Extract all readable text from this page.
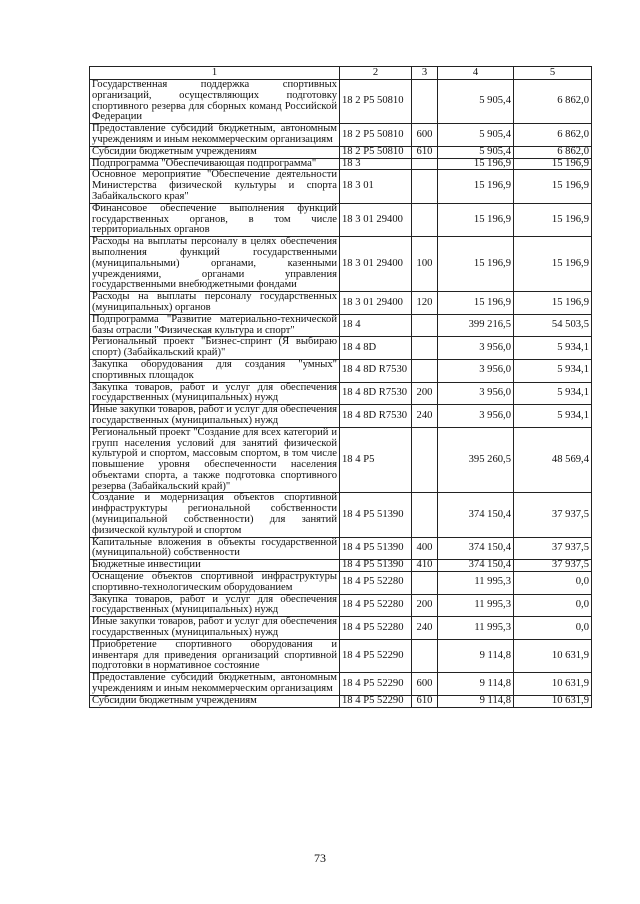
1	2	3	4	5
Государственная поддержка спортивных организаций, осуществляющих подготовку спортивного резерва для сборных команд Российской Федерации	18 2 P5 50810		5 905,4	6 862,0
Предоставление субсидий бюджетным, автономным учреждениям и иным некоммерческим организациям	18 2 P5 50810	600	5 905,4	6 862,0
Субсидии бюджетным учреждениям	18 2 P5 50810	610	5 905,4	6 862,0
Подпрограмма "Обеспечивающая подпрограмма"	18 3		15 196,9	15 196,9
Основное мероприятие "Обеспечение деятельности Министерства физической культуры и спорта Забайкальского края"	18 3 01		15 196,9	15 196,9
Финансовое обеспечение выполнения функций государственных органов, в том числе территориальных органов	18 3 01 29400		15 196,9	15 196,9
Расходы на выплаты персоналу в целях обеспечения выполнения функций государственными (муниципальными) органами, казенными учреждениями, органами управления государственными внебюджетными фондами	18 3 01 29400	100	15 196,9	15 196,9
Расходы на выплаты персоналу государственных (муниципальных) органов	18 3 01 29400	120	15 196,9	15 196,9
Подпрограмма "Развитие материально-технической базы отрасли "Физическая культура и спорт"	18 4		399 216,5	54 503,5
Региональный проект "Бизнес-спринт (Я выбираю спорт) (Забайкальский край)"	18 4 8D		3 956,0	5 934,1
Закупка оборудования для создания "умных" спортивных площадок	18 4 8D R7530		3 956,0	5 934,1
Закупка товаров, работ и услуг для обеспечения государственных (муниципальных) нужд	18 4 8D R7530	200	3 956,0	5 934,1
Иные закупки товаров, работ и услуг для обеспечения государственных (муниципальных) нужд	18 4 8D R7530	240	3 956,0	5 934,1
Региональный проект "Создание для всех категорий и групп населения условий для занятий физической культурой и спортом, массовым спортом, в том числе повышение уровня обеспеченности населения объектами спорта, а также подготовка спортивного резерва (Забайкальский край)"	18 4 P5		395 260,5	48 569,4
Создание и модернизация объектов спортивной инфраструктуры региональной собственности (муниципальной собственности) для занятий физической культурой и спортом	18 4 P5 51390		374 150,4	37 937,5
Капитальные вложения в объекты государственной (муниципальной) собственности	18 4 P5 51390	400	374 150,4	37 937,5
Бюджетные инвестиции	18 4 P5 51390	410	374 150,4	37 937,5
Оснащение объектов спортивной инфраструктуры спортивно-технологическим оборудованием	18 4 P5 52280		11 995,3	0,0
Закупка товаров, работ и услуг для обеспечения государственных (муниципальных) нужд	18 4 P5 52280	200	11 995,3	0,0
Иные закупки товаров, работ и услуг для обеспечения государственных (муниципальных) нужд	18 4 P5 52280	240	11 995,3	0,0
Приобретение спортивного оборудования и инвентаря для приведения организаций спортивной подготовки в нормативное состояние	18 4 P5 52290		9 114,8	10 631,9
Предоставление субсидий бюджетным, автономным учреждениям и иным некоммерческим организациям	18 4 P5 52290	600	9 114,8	10 631,9
Субсидии бюджетным учреждениям	18 4 P5 52290	610	9 114,8	10 631,9
73
